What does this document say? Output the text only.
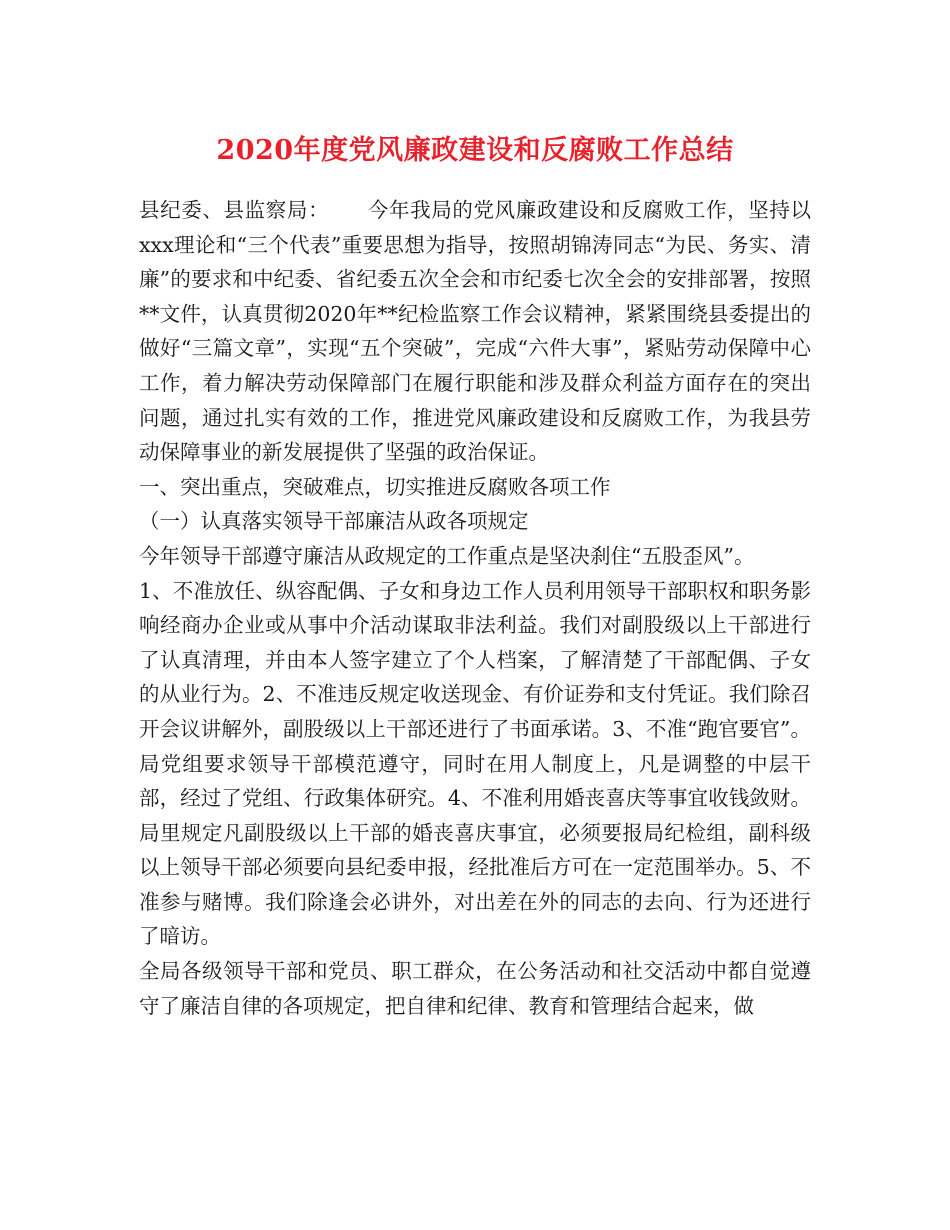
2020年度党风廉政建设和反腐败工作总结

县纪委、县监察局： 今年我局的党风廉政建设和反腐败工作，坚持以xxx理论和“三个代表”重要思想为指导，按照胡锦涛同志“为民、务实、清廉”的要求和中纪委、省纪委五次全会和市纪委七次全会的安排部署，按照**文件，认真贯彻2020年**纪检监察工作会议精神，紧紧围绕县委提出的做好“三篇文章”，实现“五个突破”，完成“六件大事”，紧贴劳动保障中心工作，着力解决劳动保障部门在履行职能和涉及群众利益方面存在的突出问题，通过扎实有效的工作，推进党风廉政建设和反腐败工作，为我县劳动保障事业的新发展提供了坚强的政治保证。

一、突出重点，突破难点，切实推进反腐败各项工作

（一）认真落实领导干部廉洁从政各项规定

今年领导干部遵守廉洁从政规定的工作重点是坚决刹住“五股歪风”。

1、不准放任、纵容配偶、子女和身边工作人员利用领导干部职权和职务影响经商办企业或从事中介活动谋取非法利益。我们对副股级以上干部进行了认真清理，并由本人签字建立了个人档案，了解清楚了干部配偶、子女的从业行为。2、不准违反规定收送现金、有价证券和支付凭证。我们除召开会议讲解外，副股级以上干部还进行了书面承诺。3、不准“跑官要官”。局党组要求领导干部模范遵守，同时在用人制度上，凡是调整的中层干部，经过了党组、行政集体研究。4、不准利用婚丧喜庆等事宜收钱敛财。局里规定凡副股级以上干部的婚丧喜庆事宜，必须要报局纪检组，副科级以上领导干部必须要向县纪委申报，经批准后方可在一定范围举办。5、不准参与赌博。我们除逢会必讲外，对出差在外的同志的去向、行为还进行了暗访。

全局各级领导干部和党员、职工群众，在公务活动和社交活动中都自觉遵守了廉洁自律的各项规定，把自律和纪律、教育和管理结合起来，做
